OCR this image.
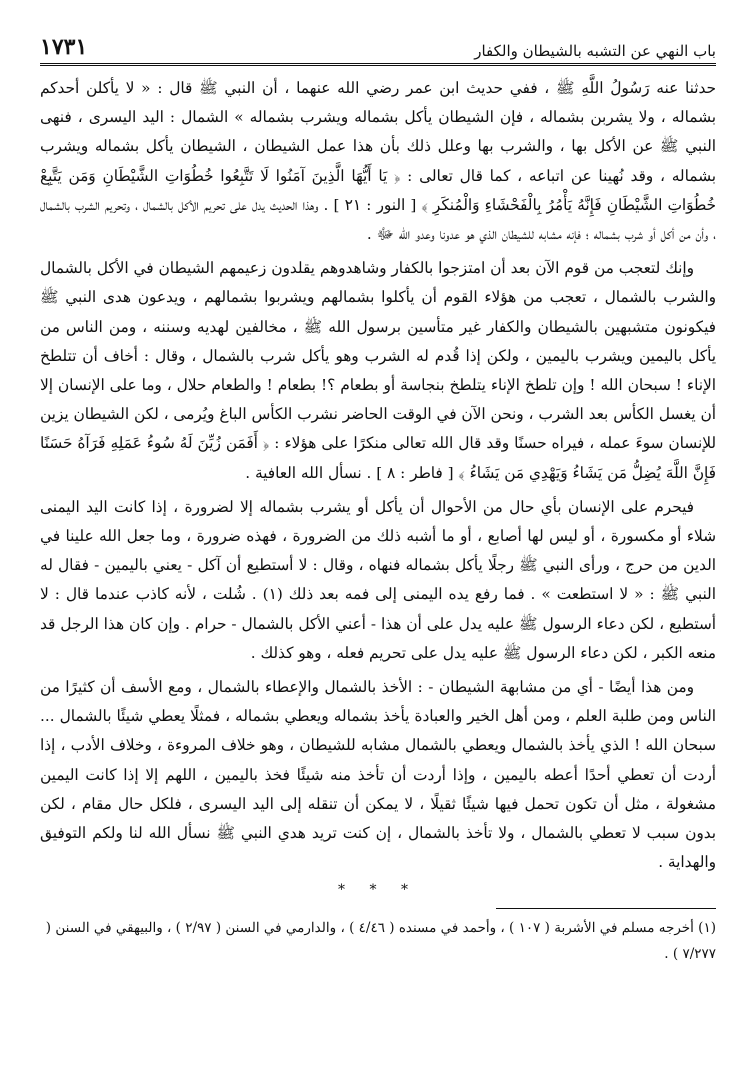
باب النهي عن التشبه بالشيطان والكفار
١٧٣١

حدثنا عنه رَسُولُ اللَّهِ ﷺ ، ففي حديث ابن عمر رضي الله عنهما ، أن النبي ﷺ قال : « لا يأكلن أحدكم بشماله ، ولا يشربن بشماله ، فإن الشيطان يأكل بشماله ويشرب بشماله » الشمال : اليد اليسرى ، فنهى النبي ﷺ عن الأكل بها ، والشرب بها وعلل ذلك بأن هذا عمل الشيطان ، الشيطان يأكل بشماله ويشرب بشماله ، وقد نُهينا عن اتباعه ، كما قال تعالى : ﴿ يَا أَيُّهَا الَّذِينَ آمَنُوا لَا تَتَّبِعُوا خُطُوَاتِ الشَّيْطَانِ وَمَن يَتَّبِعْ خُطُوَاتِ الشَّيْطَانِ فَإِنَّهُ يَأْمُرُ بِالْفَحْشَاءِ وَالْمُنكَرِ ﴾ [ النور : ٢١ ] . وهذا الحديث يدل على تحريم الأكل بالشمال ، وتحريم الشرب بالشمال ، وأن من أكل أو شرب بشماله ؛ فإنه مشابه للشيطان الذي هو عدونا وعدو الله ﷻ .

وإنك لتعجب من قوم الآن بعد أن امتزجوا بالكفار وشاهدوهم يقلدون زعيمهم الشيطان في الأكل بالشمال والشرب بالشمال ، تعجب من هؤلاء القوم أن يأكلوا بشمالهم ويشربوا بشمالهم ، ويدعون هدى النبي ﷺ فيكونون متشبهين بالشيطان والكفار غير متأسين برسول الله ﷺ ، مخالفين لهديه وسننه ، ومن الناس من يأكل باليمين ويشرب باليمين ، ولكن إذا قُدم له الشرب وهو يأكل شرب بالشمال ، وقال : أخاف أن تتلطخ الإناء ! سبحان الله ! وإن تلطخ الإناء يتلطخ بنجاسة أو بطعام ؟! بطعام ! والطعام حلال ، وما على الإنسان إلا أن يغسل الكأس بعد الشرب ، ونحن الآن في الوقت الحاضر نشرب الكأس الباغ ويُرمى ، لكن الشيطان يزين للإنسان سوءَ عمله ، فيراه حسنًا وقد قال الله تعالى منكرًا على هؤلاء : ﴿ أَفَمَن زُيِّنَ لَهُ سُوءُ عَمَلِهِ فَرَآهُ حَسَنًا فَإِنَّ اللَّهَ يُضِلُّ مَن يَشَاءُ وَيَهْدِي مَن يَشَاءُ ﴾ [ فاطر : ٨ ] . نسأل الله العافية .

فيحرم على الإنسان بأي حال من الأحوال أن يأكل أو يشرب بشماله إلا لضرورة ، إذا كانت اليد اليمنى شلاء أو مكسورة ، أو ليس لها أصابع ، أو ما أشبه ذلك من الضرورة ، فهذه ضرورة ، وما جعل الله علينا في الدين من حرج ، ورأى النبي ﷺ رجلًا يأكل بشماله فنهاه ، وقال : لا أستطيع أن آكل - يعني باليمين - فقال له النبي ﷺ : « لا استطعت » . فما رفع يده اليمنى إلى فمه بعد ذلك (١) . شُلت ، لأنه كاذب عندما قال : لا أستطيع ، لكن دعاء الرسول ﷺ عليه يدل على أن هذا - أعني الأكل بالشمال - حرام . وإن كان هذا الرجل قد منعه الكبر ، لكن دعاء الرسول ﷺ عليه يدل على تحريم فعله ، وهو كذلك .

ومن هذا أيضًا - أي من مشابهة الشيطان - : الأخذ بالشمال والإعطاء بالشمال ، ومع الأسف أن كثيرًا من الناس ومن طلبة العلم ، ومن أهل الخير والعبادة يأخذ بشماله ويعطي بشماله ، فمثلًا يعطي شيئًا بالشمال ... سبحان الله ! الذي يأخذ بالشمال ويعطي بالشمال مشابه للشيطان ، وهو خلاف المروءة ، وخلاف الأدب ، إذا أردت أن تعطي أحدًا أعطه باليمين ، وإذا أردت أن تأخذ منه شيئًا فخذ باليمين ، اللهم إلا إذا كانت اليمين مشغولة ، مثل أن تكون تحمل فيها شيئًا ثقيلًا ، لا يمكن أن تنقله إلى اليد اليسرى ، فلكل حال مقام ، لكن بدون سبب لا تعطي بالشمال ، ولا تأخذ بالشمال ، إن كنت تريد هدي النبي ﷺ نسأل الله لنا ولكم التوفيق والهداية .

* * *
(١) أخرجه مسلم في الأشربة ( ١٠٧ ) ، وأحمد في مسنده ( ٤/٤٦ ) ، والدارمي في السنن ( ٢/٩٧ ) ، والبيهقي في السنن ( ٧/٢٧٧ ) .
